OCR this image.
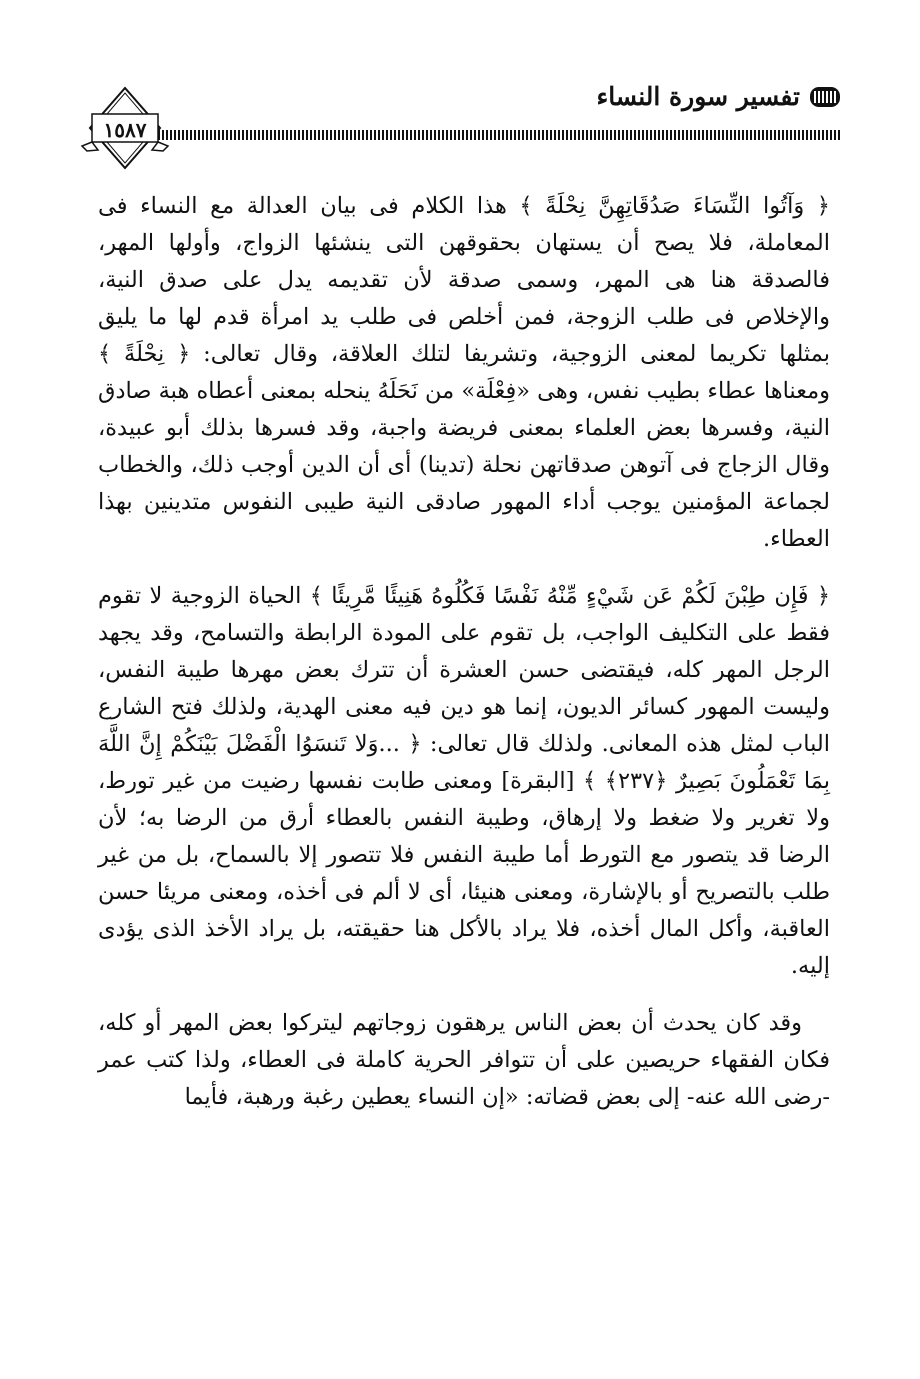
تفسير سورة النساء

١٥٨٧

﴿ وَآتُوا النِّسَاءَ صَدُقَاتِهِنَّ نِحْلَةً ﴾ هذا الكلام فى بيان العدالة مع النساء فى المعاملة، فلا يصح أن يستهان بحقوقهن التى ينشئها الزواج، وأولها المهر، فالصدقة هنا هى المهر، وسمى صدقة لأن تقديمه يدل على صدق النية، والإخلاص فى طلب الزوجة، فمن أخلص فى طلب يد امرأة قدم لها ما يليق بمثلها تكريما لمعنى الزوجية، وتشريفا لتلك العلاقة، وقال تعالى: ﴿ نِحْلَةً ﴾ ومعناها عطاء بطيب نفس، وهى «فِعْلَة» من نَحَلَهُ ينحله بمعنى أعطاه هبة صادق النية، وفسرها بعض العلماء بمعنى فريضة واجبة، وقد فسرها بذلك أبو عبيدة، وقال الزجاج فى آتوهن صدقاتهن نحلة (تدينا) أى أن الدين أوجب ذلك، والخطاب لجماعة المؤمنين يوجب أداء المهور صادقى النية طيبى النفوس متدينين بهذا العطاء.

﴿ فَإِن طِبْنَ لَكُمْ عَن شَيْءٍ مِّنْهُ نَفْسًا فَكُلُوهُ هَنِيئًا مَّرِيئًا ﴾ الحياة الزوجية لا تقوم فقط على التكليف الواجب، بل تقوم على المودة الرابطة والتسامح، وقد يجهد الرجل المهر كله، فيقتضى حسن العشرة أن تترك بعض مهرها طيبة النفس، وليست المهور كسائر الديون، إنما هو دين فيه معنى الهدية، ولذلك فتح الشارع الباب لمثل هذه المعانى. ولذلك قال تعالى: ﴿ ...وَلا تَنسَوُا الْفَضْلَ بَيْنَكُمْ إِنَّ اللَّهَ بِمَا تَعْمَلُونَ بَصِيرٌ ﴿٢٣٧﴾ ﴾ [البقرة] ومعنى طابت نفسها رضيت من غير تورط، ولا تغرير ولا ضغط ولا إرهاق، وطيبة النفس بالعطاء أرق من الرضا به؛ لأن الرضا قد يتصور مع التورط أما طيبة النفس فلا تتصور إلا بالسماح، بل من غير طلب بالتصريح أو بالإشارة، ومعنى هنيئا، أى لا ألم فى أخذه، ومعنى مريئا حسن العاقبة، وأكل المال أخذه، فلا يراد بالأكل هنا حقيقته، بل يراد الأخذ الذى يؤدى إليه.

وقد كان يحدث أن بعض الناس يرهقون زوجاتهم ليتركوا بعض المهر أو كله، فكان الفقهاء حريصين على أن تتوافر الحرية كاملة فى العطاء، ولذا كتب عمر -رضى الله عنه- إلى بعض قضاته: «إن النساء يعطين رغبة ورهبة، فأيما
